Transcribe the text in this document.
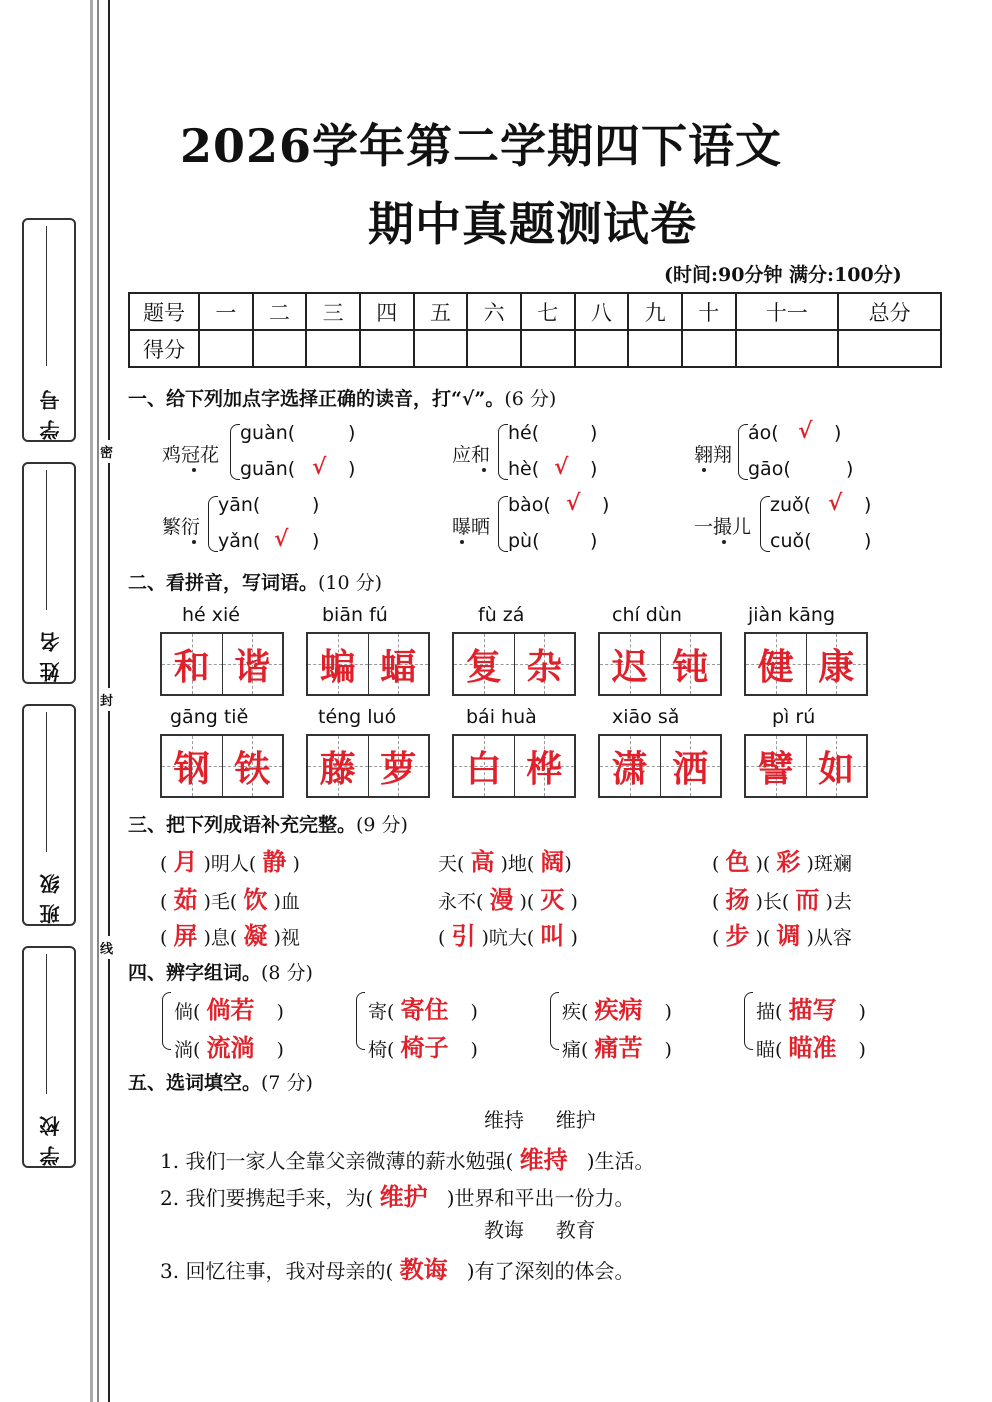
学号
姓名
班级
学校
密
封
线
2026学年第二学期四下语文
期中真题测试卷
(时间:90分钟 满分:100分)
题号	一	二	三	四	五	六	七	八	九	十	十一	总分
得分												
一、给下列加点字选择正确的读音，打“√”。(6 分)
鸡冠花
guàn(	)
guān( √ )
应和
hé(	)
hè( √ )
翱翔
áo( √ )
gāo(	)
繁衍
yān(	)
yǎn( √ )
曝晒
bào( √ )
pù(	)
一撮儿
zuǒ( √ )
cuǒ(	)
二、看拼音，写词语。(10 分)
hé xié
和 谐
biān fú
蝙 蝠
fù zá
复 杂
chí dùn
迟 钝
jiàn kāng
健 康
gāng tiě
钢 铁
téng luó
藤 萝
bái huà
白 桦
xiāo sǎ
潇 洒
pì rú
譬 如
三、把下列成语补充完整。(9 分)
( 月 )明人( 静 )	天( 高 )地( 阔)	( 色 )( 彩 )斑斓
( 茹 )毛( 饮 )血	永不( 漫 )( 灭 )	( 扬 )长( 而 )去
( 屏 )息( 凝 )视	( 引 )吭大( 叫 )	( 步 )( 调 )从容
四、辨字组词。(8 分)
倘( 倘若 )
淌( 流淌 )
寄( 寄住 )
椅( 椅子 )
疾( 疾病 )
痛( 痛苦 )
描( 描写 )
瞄( 瞄准 )
五、选词填空。(7 分)
维持     维护
1. 我们一家人全靠父亲微薄的薪水勉强( 维持 )生活。
2. 我们要携起手来，为( 维护 )世界和平出一份力。
教诲     教育
3. 回忆往事，我对母亲的( 教诲 )有了深刻的体会。
